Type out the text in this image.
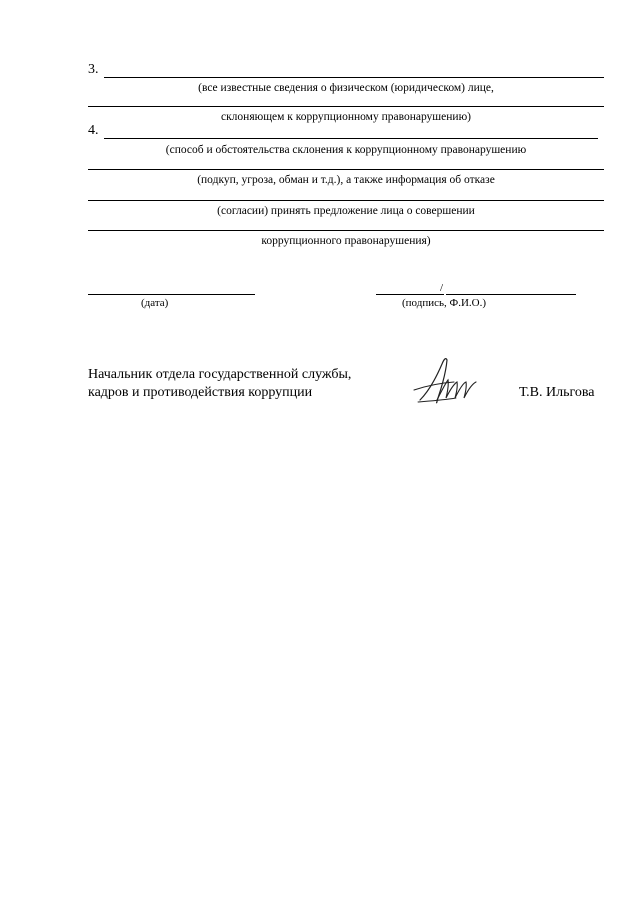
3.
(все известные сведения о физическом (юридическом) лице,
склоняющем к коррупционному правонарушению)
4.
(способ и обстоятельства склонения к коррупционному правонарушению
(подкуп, угроза, обман и т.д.), а также информация об отказе
(согласии) принять предложение лица о совершении
коррупционного правонарушения)
(дата)
/
(подпись, Ф.И.О.)
Начальник отдела государственной службы,
кадров и противодействия коррупции	Т.В. Ильгова
